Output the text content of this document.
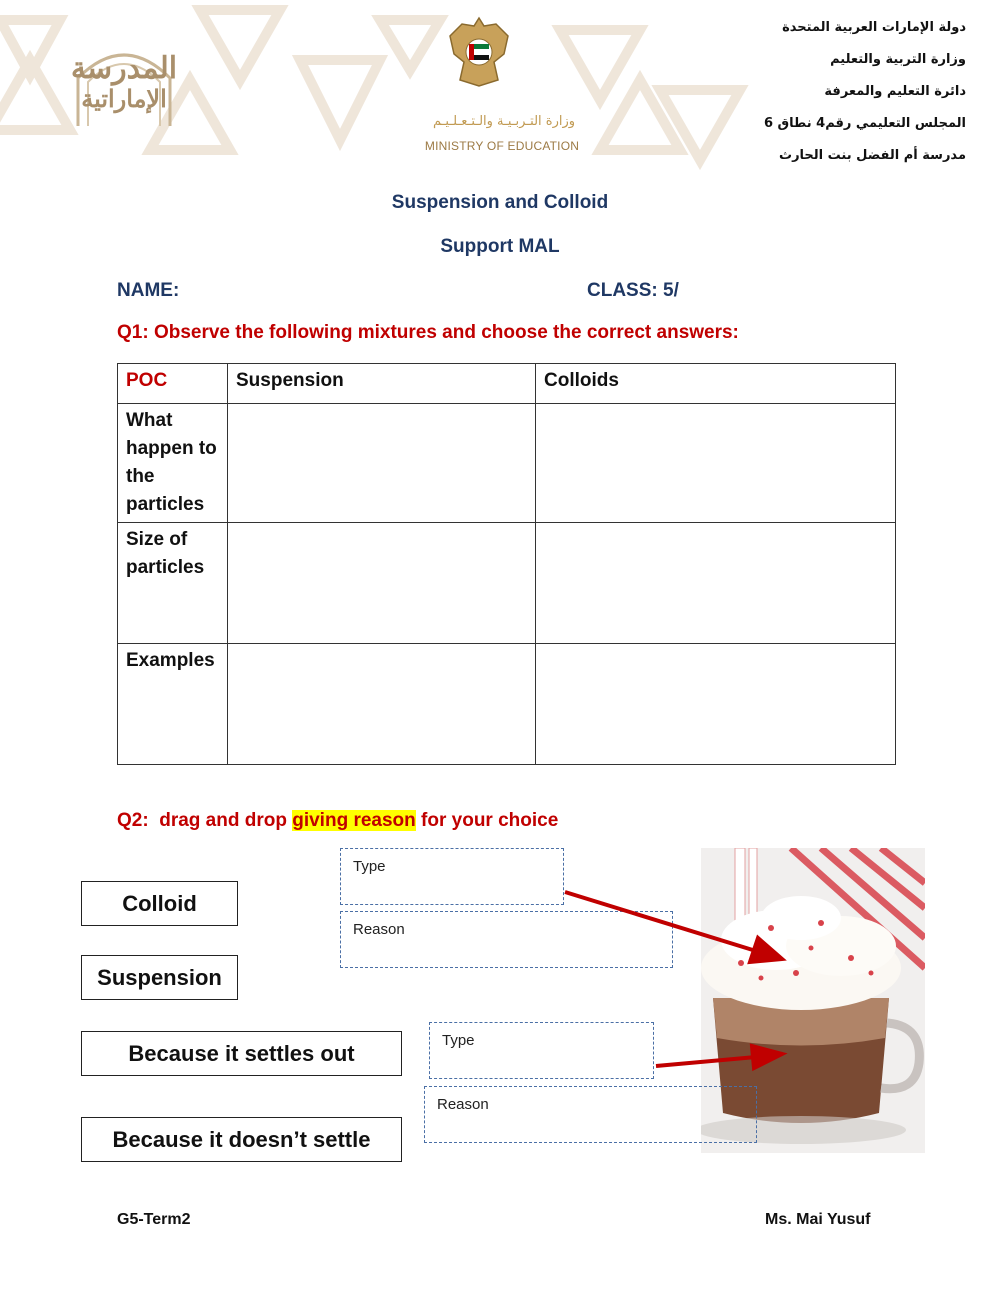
المدرسة
الإماراتية
وزارة التـربـيـة والـتـعـلـيـم
MINISTRY OF EDUCATION
دولة الإمارات العربية المتحدة
وزارة التربية والتعليم
دائرة التعليم والمعرفة
المجلس التعليمي رقم4 نطاق 6
مدرسة أم الفضل بنت الحارث
Suspension and Colloid
Support MAL
NAME:	CLASS: 5/
Q1: Observe the following mixtures and choose the correct answers:
POC	Suspension	Colloids
What happen to the particles		
Size of particles		
Examples		
Q2:  drag and drop giving reason for your choice
Colloid
Suspension
Because it settles out
Because it doesn’t settle
Type
Reason
Type
Reason
G5-Term2	Ms. Mai Yusuf
